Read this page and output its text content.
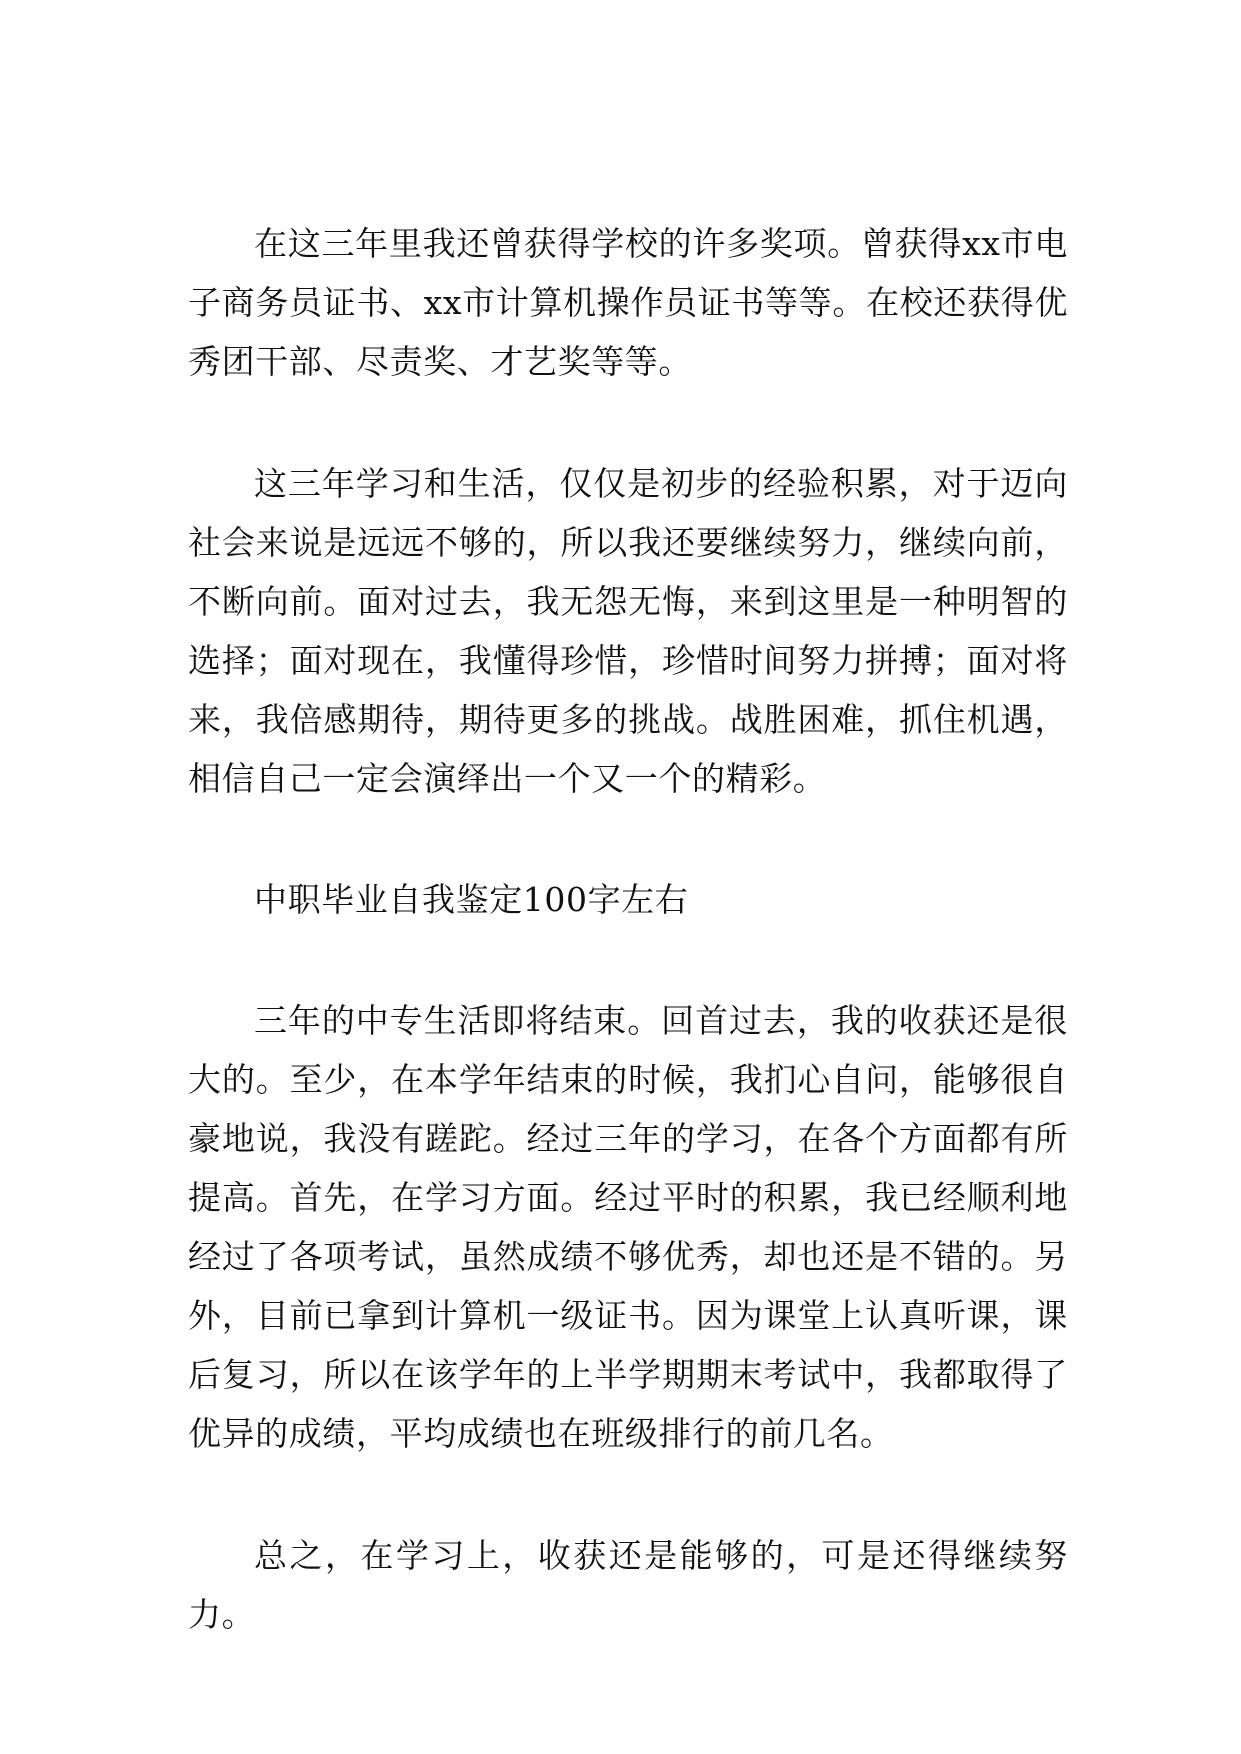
在这三年里我还曾获得学校的许多奖项。曾获得xx市电子商务员证书、xx市计算机操作员证书等等。在校还获得优秀团干部、尽责奖、才艺奖等等。

这三年学习和生活，仅仅是初步的经验积累，对于迈向社会来说是远远不够的，所以我还要继续努力，继续向前，不断向前。面对过去，我无怨无悔，来到这里是一种明智的选择；面对现在，我懂得珍惜，珍惜时间努力拼搏；面对将来，我倍感期待，期待更多的挑战。战胜困难，抓住机遇，相信自己一定会演绎出一个又一个的精彩。

中职毕业自我鉴定100字左右

三年的中专生活即将结束。回首过去，我的收获还是很大的。至少，在本学年结束的时候，我扪心自问，能够很自豪地说，我没有蹉跎。经过三年的学习，在各个方面都有所提高。首先，在学习方面。经过平时的积累，我已经顺利地经过了各项考试，虽然成绩不够优秀，却也还是不错的。另外，目前已拿到计算机一级证书。因为课堂上认真听课，课后复习，所以在该学年的上半学期期末考试中，我都取得了优异的成绩，平均成绩也在班级排行的前几名。

总之，在学习上，收获还是能够的，可是还得继续努力。
